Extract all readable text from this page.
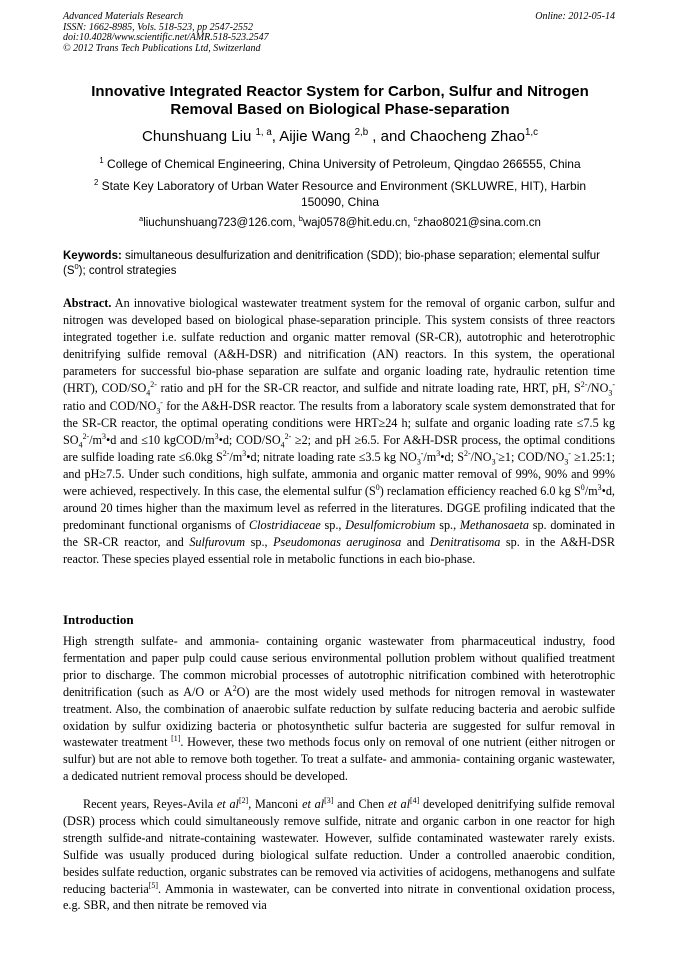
Advanced Materials Research
ISSN: 1662-8985, Vols. 518-523, pp 2547-2552
doi:10.4028/www.scientific.net/AMR.518-523.2547
© 2012 Trans Tech Publications Ltd, Switzerland
Online: 2012-05-14
Innovative Integrated Reactor System for Carbon, Sulfur and Nitrogen
Removal Based on Biological Phase-separation
Chunshuang Liu $^{1, a}$, Aijie Wang $^{2,b}$ , and Chaocheng Zhao$^{1,c}$
$^1$ College of Chemical Engineering, China University of Petroleum, Qingdao 266555, China
$^2$ State Key Laboratory of Urban Water Resource and Environment (SKLUWRE, HIT), Harbin
150090, China
$^a$liuchunshuang723@126.com, $^b$waj0578@hit.edu.cn, $^c$zhao8021@sina.com.cn
Keywords: simultaneous desulfurization and denitrification (SDD); bio-phase separation; elemental sulfur $(S^0)$; control strategies
Abstract. An innovative biological wastewater treatment system for the removal of organic carbon, sulfur and nitrogen was developed based on biological phase-separation principle. This system consists of three reactors integrated together i.e. sulfate reduction and organic matter removal (SR-CR), autotrophic and heterotrophic denitrifying sulfide removal (A&H-DSR) and nitrification (AN) reactors. In this system, the operational parameters for successful bio-phase separation are sulfate and organic loading rate, hydraulic retention time (HRT), COD/$SO_4^{2-}$ ratio and pH for the SR-CR reactor, and sulfide and nitrate loading rate, HRT, pH, $S^{2-}/NO_3^-$ ratio and COD/$NO_3^-$ for the A&H-DSR reactor. The results from a laboratory scale system demonstrated that for the SR-CR reactor, the optimal operating conditions were HRT≥24 h; sulfate and organic loading rate ≤7.5 kg $SO_4^{2-}/m^3•d$ and ≤10 kgCOD/$m^3•d$; COD/$SO_4^{2-} \ge 2$; and pH ≥6.5. For A&H-DSR process, the optimal conditions are sulfide loading rate ≤6.0kg $S^{2-}/m^3•d$; nitrate loading rate ≤3.5 kg $NO_3^-/m^3•d$; $S^{2-}/NO_3^-\ge 1$; COD/$NO_3^-$ ≥1.25:1; and pH≥7.5. Under such conditions, high sulfate, ammonia and organic matter removal of 99%, 90% and 99% were achieved, respectively. In this case, the elemental sulfur $(S^0)$ reclamation efficiency reached 6.0 kg $S^0/m^3•d$, around 20 times higher than the maximum level as referred in the literatures. DGGE profiling indicated that the predominant functional organisms of Clostridiaceae sp., Desulfomicrobium sp., Methanosaeta sp. dominated in the SR-CR reactor, and Sulfurovum sp., Pseudomonas aeruginosa and Denitratisoma sp. in the A&H-DSR reactor. These species played essential role in metabolic functions in each bio-phase.
Introduction
High strength sulfate- and ammonia- containing organic wastewater from pharmaceutical industry, food fermentation and paper pulp could cause serious environmental pollution problem without qualified treatment prior to discharge. The common microbial processes of autotrophic nitrification combined with heterotrophic denitrification (such as A/O or $A^2O$) are the most widely used methods for nitrogen removal in wastewater treatment. Also, the combination of anaerobic sulfate reduction by sulfate reducing bacteria and aerobic sulfide oxidation by sulfur oxidizing bacteria or photosynthetic sulfur bacteria are suggested for sulfur removal in wastewater treatment [1]. However, these two methods focus only on removal of one nutrient (either nitrogen or sulfur) but are not able to remove both together. To treat a sulfate- and ammonia- containing organic wastewater, a dedicated nutrient removal process should be developed.
Recent years, Reyes-Avila et al[2], Manconi et al[3] and Chen et al[4] developed denitrifying sulfide removal (DSR) process which could simultaneously remove sulfide, nitrate and organic carbon in one reactor for high strength sulfide-and nitrate-containing wastewater. However, sulfide contaminated wastewater rarely exists. Sulfide was usually produced during biological sulfate reduction. Under a controlled anaerobic condition, besides sulfate reduction, organic substrates can be removed via activities of acidogens, methanogens and sulfate reducing bacteria[5]. Ammonia in wastewater, can be converted into nitrate in conventional oxidation process, e.g. SBR, and then nitrate be removed via
